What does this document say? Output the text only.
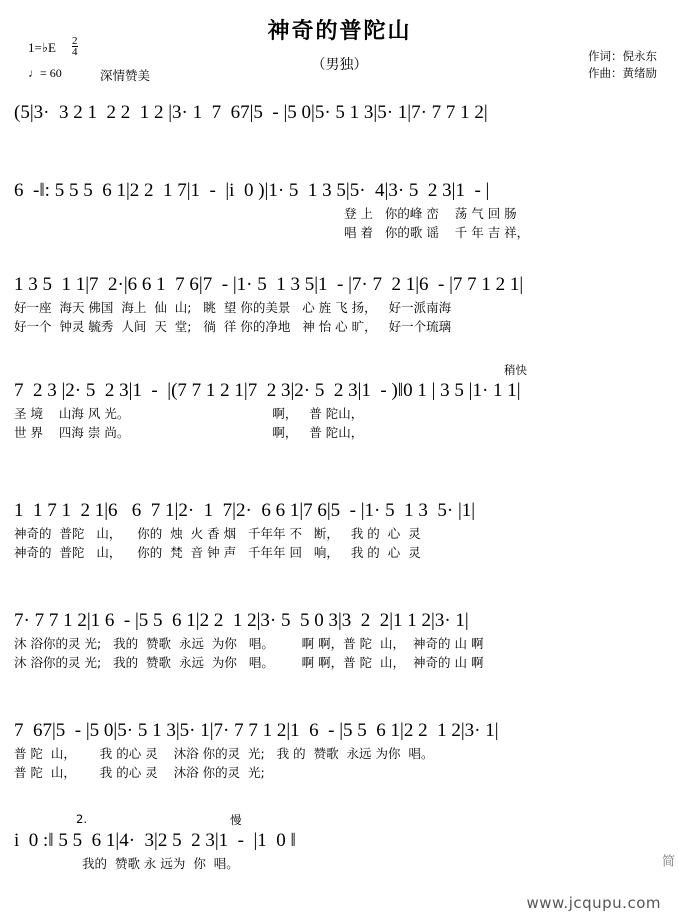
神奇的普陀山
（男独）
作词：倪永东
作曲：黄绪励
1=♭E $\frac{2}{4}$
♩= 60	深情赞美
(5|3·  3 2 1  2 2  1 2 |3· 1  7  67|5  - |5 0|5· 5 1 3|5· 1|7· 7 7 1 2|
6  -‖: 5 5 5  6 1|2 2  1 7|1  -  |i  0 )|1· 5  1 3 5|5·  4|3· 5  2 3|1  - |
登 上   你的峰 峦    荡 气 回 肠
唱 着   你的歌 谣    千 年 吉 祥，
1 3 5  1 1|7  2·|6 6 1  7 6|7  - |1· 5  1 3 5|1  - |7· 7  2 1|6  - |7 7 1 2 1|
好一座  海天 佛国  海上  仙  山;   眺  望 你的美景   心 旌 飞 扬，   好一派南海
好一个  钟灵 毓秀  人间  天  堂;   徜  徉 你的净地   神 怡 心 旷，   好一个琉璃
稍快
7  2 3 |2· 5  2 3|1  -  |(7 7 1 2 1|7  2 3|2· 5  2 3|1  - )‖0 1 | 3 5 |1· 1 1|
圣 境    山海 风 光。                                    啊，   普 陀山，
世 界    四海 崇 尚。                                    啊，   普 陀山，
1  1 7 1  2 1|6   6  7 1|2·  1  7|2·  6 6 1|7 6|5  - |1· 5  1 3  5· |1|
神奇的  普陀   山，    你的  烛  火 香 烟   千年年 不   断，   我 的  心  灵
神奇的  普陀   山，    你的  梵  音 钟 声   千年年 回   响，   我 的  心  灵
7· 7 7 1 2|1 6  - |5 5  6 1|2 2  1 2|3· 5  5 0 3|3  2  2|1 1 2|3· 1|
沐 浴你的灵 光;   我的  赞歌  永远  为你   唱。       啊 啊，普 陀  山，  神奇的 山 啊
沐 浴你的灵 光;   我的  赞歌  永远  为你   唱。       啊 啊，普 陀  山，  神奇的 山 啊
7  67|5  - |5 0|5· 5 1 3|5· 1|7· 7 7 1 2|1  6  - |5 5  6 1|2 2  1 2|3· 1|
普 陀  山，      我 的心 灵    沐浴 你的灵  光;   我 的  赞歌  永远 为你  唱。
普 陀  山，      我 的心 灵    沐浴 你的灵  光;
2.	慢
i  0 :‖ 5 5  6 1|4·  3|2 5  2 3|1  -  |1  0 ‖
我的  赞歌 永 远为  你  唱。	简
www.jcqupu.com
